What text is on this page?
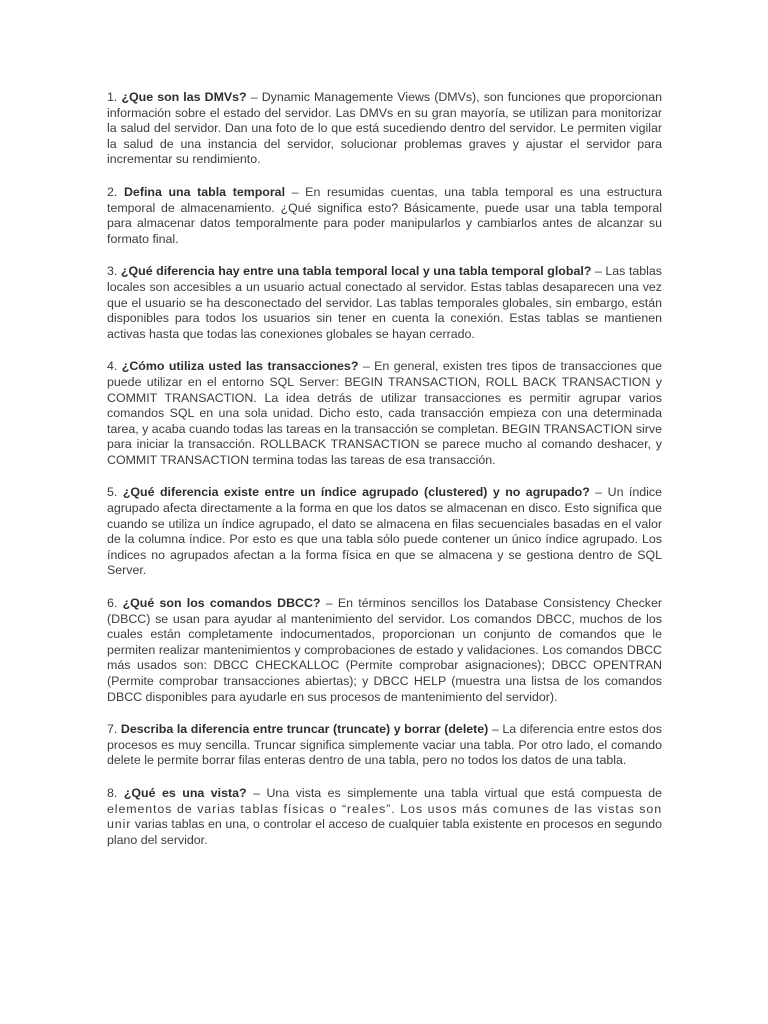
1. ¿Que son las DMVs? – Dynamic Managemente Views (DMVs), son funciones que proporcionan información sobre el estado del servidor. Las DMVs en su gran mayoría, se utilizan para monitorizar la salud del servidor. Dan una foto de lo que está sucediendo dentro del servidor. Le permiten vigilar la salud de una instancia del servidor, solucionar problemas graves y ajustar el servidor para incrementar su rendimiento.

2. Defina una tabla temporal – En resumidas cuentas, una tabla temporal es una estructura temporal de almacenamiento. ¿Qué significa esto? Básicamente, puede usar una tabla temporal para almacenar datos temporalmente para poder manipularlos y cambiarlos antes de alcanzar su formato final.

3. ¿Qué diferencia hay entre una tabla temporal local y una tabla temporal global? – Las tablas locales son accesibles a un usuario actual conectado al servidor. Estas tablas desaparecen una vez que el usuario se ha desconectado del servidor. Las tablas temporales globales, sin embargo, están disponibles para todos los usuarios sin tener en cuenta la conexión. Estas tablas se mantienen activas hasta que todas las conexiones globales se hayan cerrado.

4. ¿Cómo utiliza usted las transacciones? – En general, existen tres tipos de transacciones que puede utilizar en el entorno SQL Server: BEGIN TRANSACTION, ROLL BACK TRANSACTION y COMMIT TRANSACTION. La idea detrás de utilizar transacciones es permitir agrupar varios comandos SQL en una sola unidad. Dicho esto, cada transacción empieza con una determinada tarea, y acaba cuando todas las tareas en la transacción se completan. BEGIN TRANSACTION sirve para iniciar la transacción. ROLLBACK TRANSACTION se parece mucho al comando deshacer, y COMMIT TRANSACTION termina todas las tareas de esa transacción.

5. ¿Qué diferencia existe entre un índice agrupado (clustered) y no agrupado? – Un índice agrupado afecta directamente a la forma en que los datos se almacenan en disco. Esto significa que cuando se utiliza un índice agrupado, el dato se almacena en filas secuenciales basadas en el valor de la columna índice. Por esto es que una tabla sólo puede contener un único índice agrupado. Los índices no agrupados afectan a la forma física en que se almacena y se gestiona dentro de SQL Server.

6. ¿Qué son los comandos DBCC? – En términos sencillos los Database Consistency Checker (DBCC) se usan para ayudar al mantenimiento del servidor. Los comandos DBCC, muchos de los cuales están completamente indocumentados, proporcionan un conjunto de comandos que le permiten realizar mantenimientos y comprobaciones de estado y validaciones. Los comandos DBCC más usados son: DBCC CHECKALLOC (Permite comprobar asignaciones); DBCC OPENTRAN (Permite comprobar transacciones abiertas); y DBCC HELP (muestra una listsa de los comandos DBCC disponibles para ayudarle en sus procesos de mantenimiento del servidor).

7. Describa la diferencia entre truncar (truncate) y borrar (delete) – La diferencia entre estos dos procesos es muy sencilla. Truncar significa simplemente vaciar una tabla. Por otro lado, el comando delete le permite borrar filas enteras dentro de una tabla, pero no todos los datos de una tabla.

8. ¿Qué es una vista? – Una vista es simplemente una tabla virtual que está compuesta de elementos de varias tablas físicas o “reales”. Los usos más comunes de las vistas son unir varias tablas en una, o controlar el acceso de cualquier tabla existente en procesos en segundo plano del servidor.
